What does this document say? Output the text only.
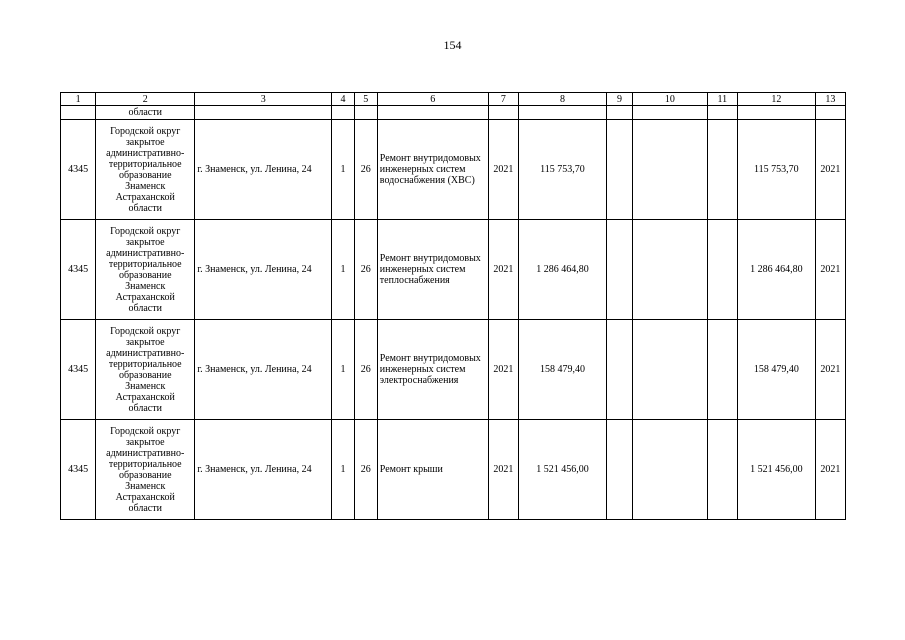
154
1	2	3	4	5	6	7	8	9	10	11	12	13
	области											
4345	Городской округ закрытое административно-территориальное образование Знаменск Астраханской области	г. Знаменск, ул. Ленина, 24	1	26	Ремонт внутридомовых инженерных систем водоснабжения (ХВС)	2021	115 753,70				115 753,70	2021
4345	Городской округ закрытое административно-территориальное образование Знаменск Астраханской области	г. Знаменск, ул. Ленина, 24	1	26	Ремонт внутридомовых инженерных систем теплоснабжения	2021	1 286 464,80				1 286 464,80	2021
4345	Городской округ закрытое административно-территориальное образование Знаменск Астраханской области	г. Знаменск, ул. Ленина, 24	1	26	Ремонт внутридомовых инженерных систем электроснабжения	2021	158 479,40				158 479,40	2021
4345	Городской округ закрытое административно-территориальное образование Знаменск Астраханской области	г. Знаменск, ул. Ленина, 24	1	26	Ремонт крыши	2021	1 521 456,00				1 521 456,00	2021
